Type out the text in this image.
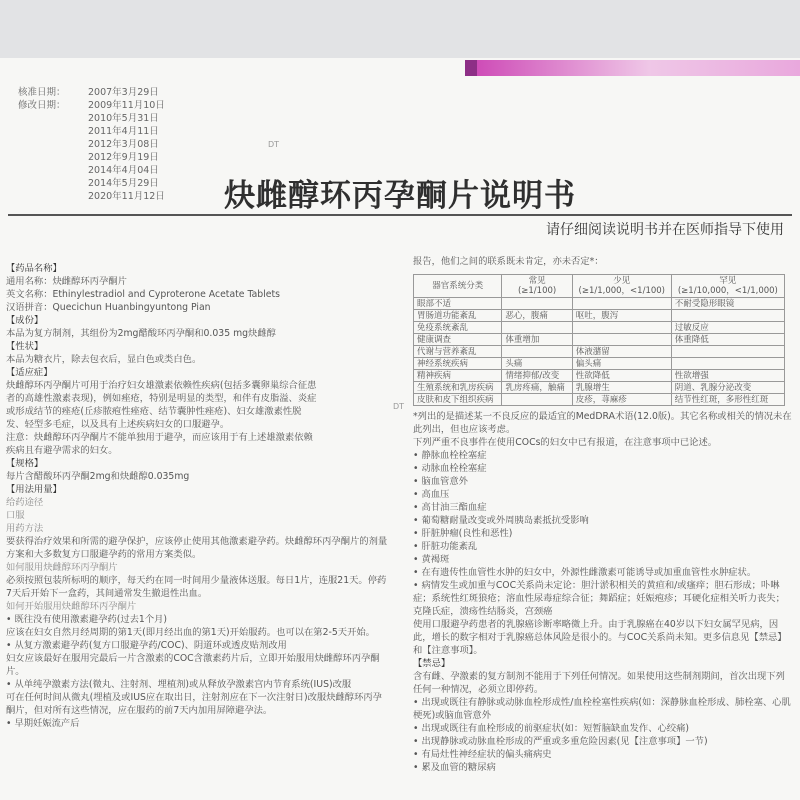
核准日期：	2007年3月29日
修改日期：	2009年11月10日
2010年5月31日
2011年4月11日
2012年3月08日
2012年9月19日
2014年4月04日
2014年5月29日
2020年11月12日
DT
DT
炔雌醇环丙孕酮片说明书
请仔细阅读说明书并在医师指导下使用

【药品名称】

通用名称：炔雌醇环丙孕酮片

英文名称：Ethinylestradiol and Cyproterone Acetate Tablets

汉语拼音：Quecichun Huanbingyuntong Pian

【成份】

本品为复方制剂，其组份为2mg醋酸环丙孕酮和0.035 mg炔雌醇

【性状】

本品为糖衣片，除去包衣后，显白色或类白色。

【适应症】

炔雌醇环丙孕酮片可用于治疗妇女雄激素依赖性疾病(包括多囊卵巢综合征患

者的高雄性激素表现)，例如痤疮，特别是明显的类型，和伴有皮脂溢、炎症

或形成结节的痤疮(丘疹脓疱性痤疮、结节囊肿性痤疮)、妇女雄激素性脱

发、轻型多毛症，以及具有上述疾病妇女的口服避孕。

注意：炔雌醇环丙孕酮片不能单独用于避孕，而应该用于有上述雄激素依赖

疾病且有避孕需求的妇女。

【规格】

每片含醋酸环丙孕酮2mg和炔雌醇0.035mg

【用法用量】

给药途径

口服

用药方法

要获得治疗效果和所需的避孕保护，应该停止使用其他激素避孕药。炔雌醇环丙孕酮片的剂量方案和大多数复方口服避孕药的常用方案类似。

如何服用炔雌醇环丙孕酮片

必须按照包装所标明的顺序，每天约在同一时间用少量液体送服。每日1片，连服21天。停药7天后开始下一盒药，其间通常发生撤退性出血。

如何开始服用炔雌醇环丙孕酮片

• 既往没有使用激素避孕药(过去1个月)

应该在妇女自然月经周期的第1天(即月经出血的第1天)开始服药。也可以在第2-5天开始。

• 从复方激素避孕药(复方口服避孕药/COC)、阴道环或透皮贴剂改用

妇女应该最好在服用完最后一片含激素的COC含激素药片后，立即开始服用炔雌醇环丙孕酮片。

• 从单纯孕激素方法(微丸、注射剂、埋植剂)或从释放孕激素宫内节育系统(IUS)改服

可在任何时间从微丸(埋植及或IUS应在取出日，注射剂应在下一次注射日)改服炔雌醇环丙孕酮片，但对所有这些情况，应在服药的前7天内加用屏障避孕法。

• 早期妊娠流产后

报告，他们之间的联系既未肯定，亦未否定*：

器官系统分类	常见
(≥1/100)	少见
(≥1/1,000，<1/100)	罕见
(≥1/10,000，<1/1,000)
眼部不适			不耐受隐形眼镜
胃肠道功能紊乱	恶心，腹痛	呕吐，腹泻	
免疫系统紊乱			过敏反应
健康调查	体重增加		体重降低
代谢与营养紊乱		体液潴留	
神经系统疾病	头痛	偏头痛	
精神疾病	情绪抑郁/改变	性欲降低	性欲增强
生殖系统和乳房疾病	乳房疼痛，触痛	乳腺增生	阴道、乳腺分泌改变
皮肤和皮下组织疾病		皮疹，荨麻疹	结节性红斑，多形性红斑

*列出的是描述某一不良反应的最适宜的MedDRA术语(12.0版)。其它名称或相关的情况未在此列出，但也应该考虑。

下列严重不良事件在使用COCs的妇女中已有报道，在注意事项中已论述。

• 静脉血栓栓塞症

• 动脉血栓栓塞症

• 脑血管意外

• 高血压

• 高甘油三酯血症

• 葡萄糖耐量改变或外周胰岛素抵抗受影响

• 肝脏肿瘤(良性和恶性)

• 肝脏功能紊乱

• 黄褐斑

• 在有遗传性血管性水肿的妇女中，外源性雌激素可能诱导或加重血管性水肿症状。

• 病情发生或加重与COC关系尚未定论：胆汁淤积相关的黄疸和/或瘙痒；胆石形成；卟啉症；系统性红斑狼疮；溶血性尿毒症综合征；舞蹈症；妊娠疱疹；耳硬化症相关听力丧失；克隆氏症，溃疡性结肠炎，宫颈癌

使用口服避孕药患者的乳腺癌诊断率略微上升。由于乳腺癌在40岁以下妇女属罕见病，因此，增长的数字相对于乳腺癌总体风险是很小的。与COC关系尚未知。更多信息见【禁忌】和【注意事项】。

【禁忌】

含有雌、孕激素的复方制剂不能用于下列任何情况。如果使用这些制剂期间，首次出现下列任何一种情况，必须立即停药。

• 出现或既往有静脉或动脉血栓形成性/血栓栓塞性疾病(如：深静脉血栓形成、肺栓塞、心肌梗死)或脑血管意外

• 出现或既往有血栓形成的前驱症状(如：短暂脑缺血发作、心绞痛)

• 出现静脉或动脉血栓形成的严重或多重危险因素(见【注意事项】一节)

• 有局灶性神经症状的偏头痛病史

• 累及血管的糖尿病
